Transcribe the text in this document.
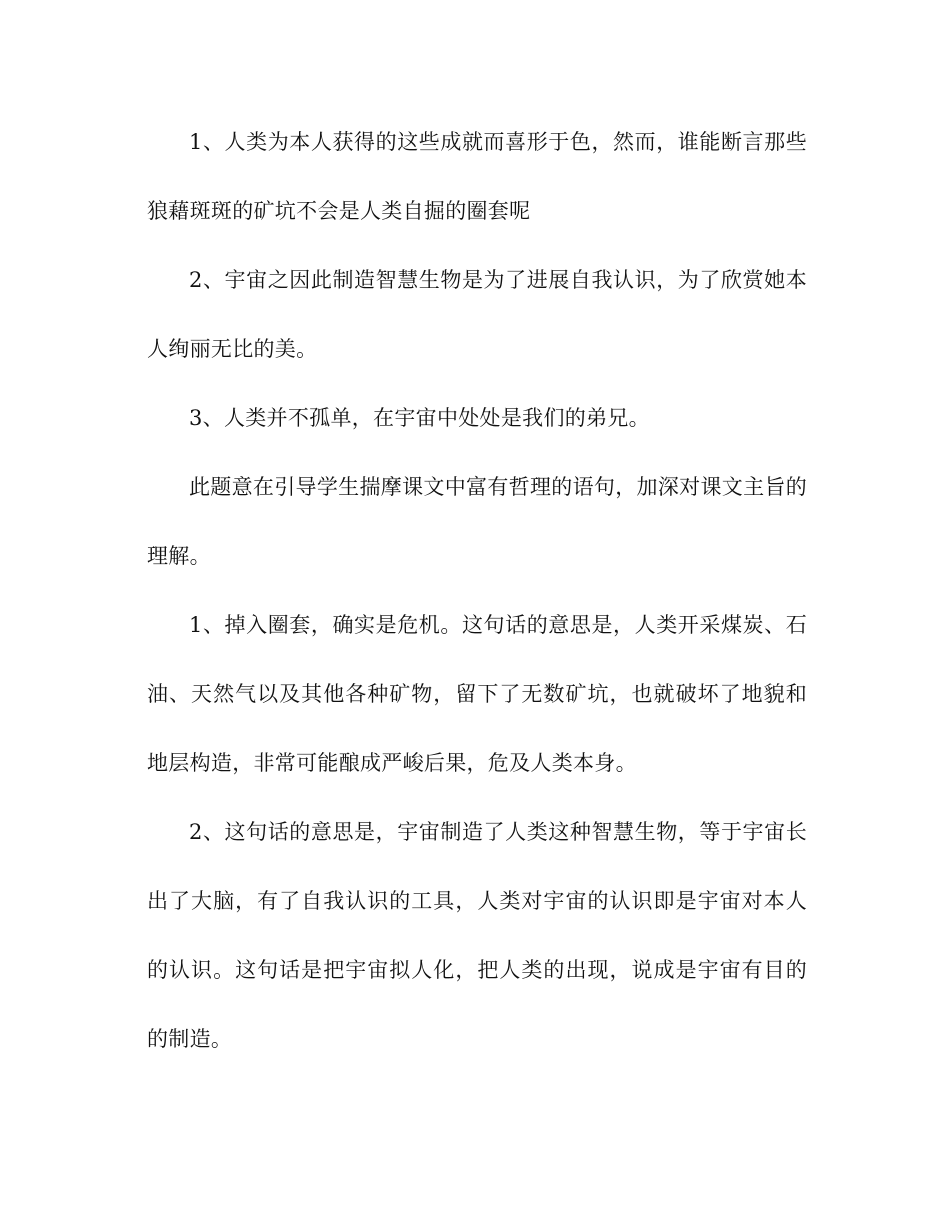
1、人类为本人获得的这些成就而喜形于色，然而，谁能断言那些狼藉斑斑的矿坑不会是人类自掘的圈套呢

2、宇宙之因此制造智慧生物是为了进展自我认识，为了欣赏她本人绚丽无比的美。

3、人类并不孤单，在宇宙中处处是我们的弟兄。

此题意在引导学生揣摩课文中富有哲理的语句，加深对课文主旨的理解。

1、掉入圈套，确实是危机。这句话的意思是，人类开采煤炭、石油、天然气以及其他各种矿物，留下了无数矿坑，也就破坏了地貌和地层构造，非常可能酿成严峻后果，危及人类本身。

2、这句话的意思是，宇宙制造了人类这种智慧生物，等于宇宙长出了大脑，有了自我认识的工具，人类对宇宙的认识即是宇宙对本人的认识。这句话是把宇宙拟人化，把人类的出现，说成是宇宙有目的的制造。
